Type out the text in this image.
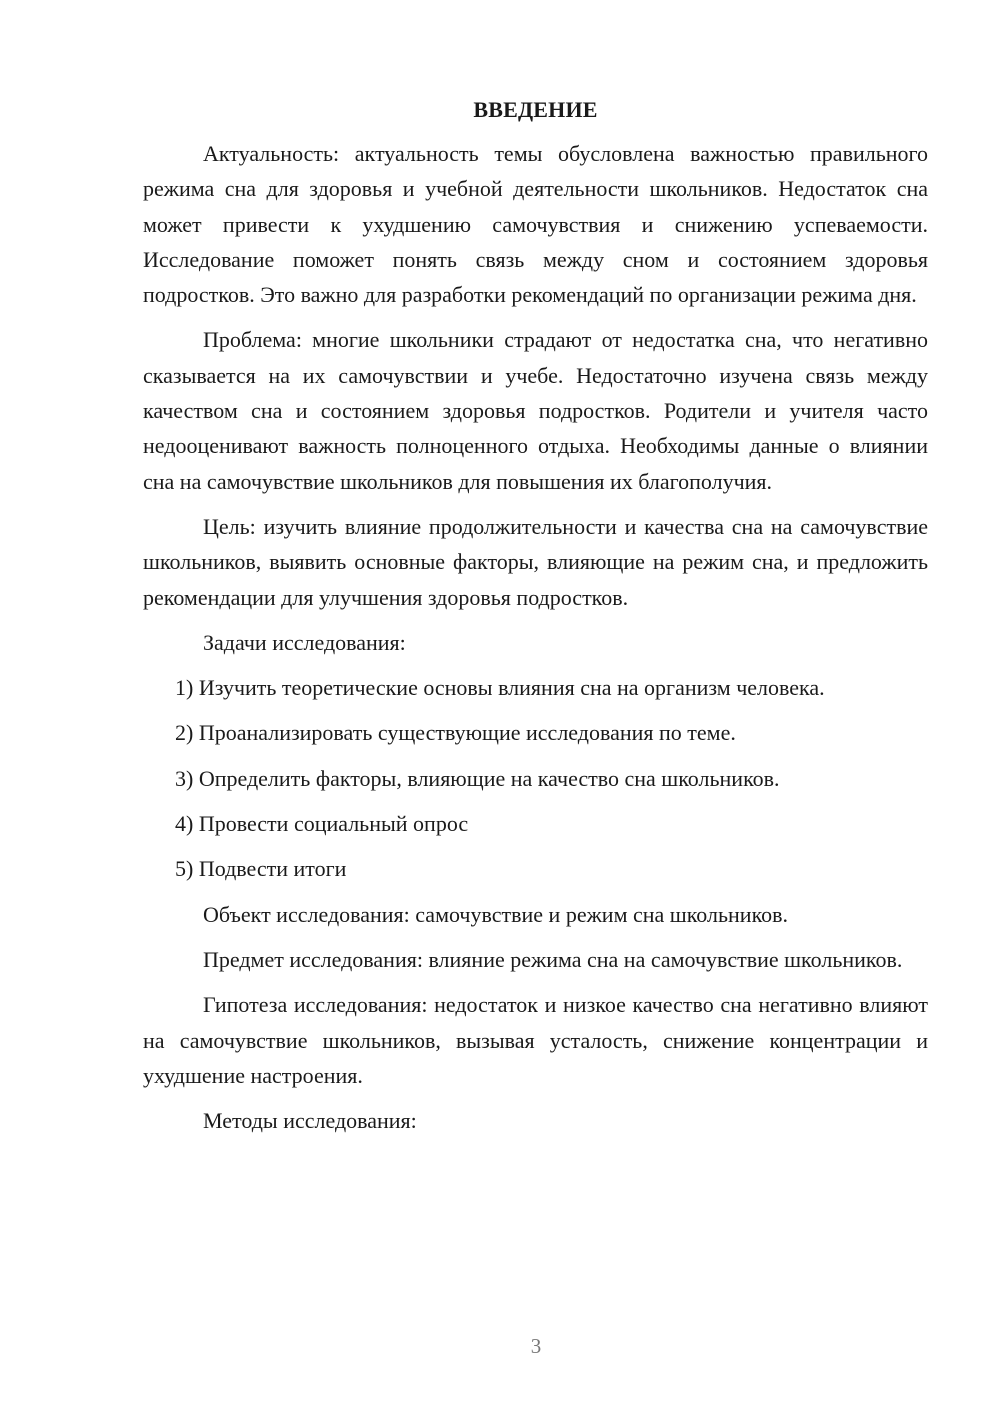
ВВЕДЕНИЕ

Актуальность: актуальность темы обусловлена важностью правильного режима сна для здоровья и учебной деятельности школьников. Недостаток сна может привести к ухудшению самочувствия и снижению успеваемости. Исследование поможет понять связь между сном и состоянием здоровья подростков. Это важно для разработки рекомендаций по организации режима дня.

Проблема: многие школьники страдают от недостатка сна, что негативно сказывается на их самочувствии и учебе. Недостаточно изучена связь между качеством сна и состоянием здоровья подростков. Родители и учителя часто недооценивают важность полноценного отдыха. Необходимы данные о влиянии сна на самочувствие школьников для повышения их благополучия.

Цель: изучить влияние продолжительности и качества сна на самочувствие школьников, выявить основные факторы, влияющие на режим сна, и предложить рекомендации для улучшения здоровья подростков.

Задачи исследования:

1) Изучить теоретические основы влияния сна на организм человека.
2) Проанализировать существующие исследования по теме.
3) Определить факторы, влияющие на качество сна школьников.
4) Провести социальный опрос
5) Подвести итоги

Объект исследования: самочувствие и режим сна школьников.

Предмет исследования: влияние режима сна на самочувствие школьников.

Гипотеза исследования: недостаток и низкое качество сна негативно влияют на самочувствие школьников, вызывая усталость, снижение концентрации и ухудшение настроения.

Методы исследования:

3
